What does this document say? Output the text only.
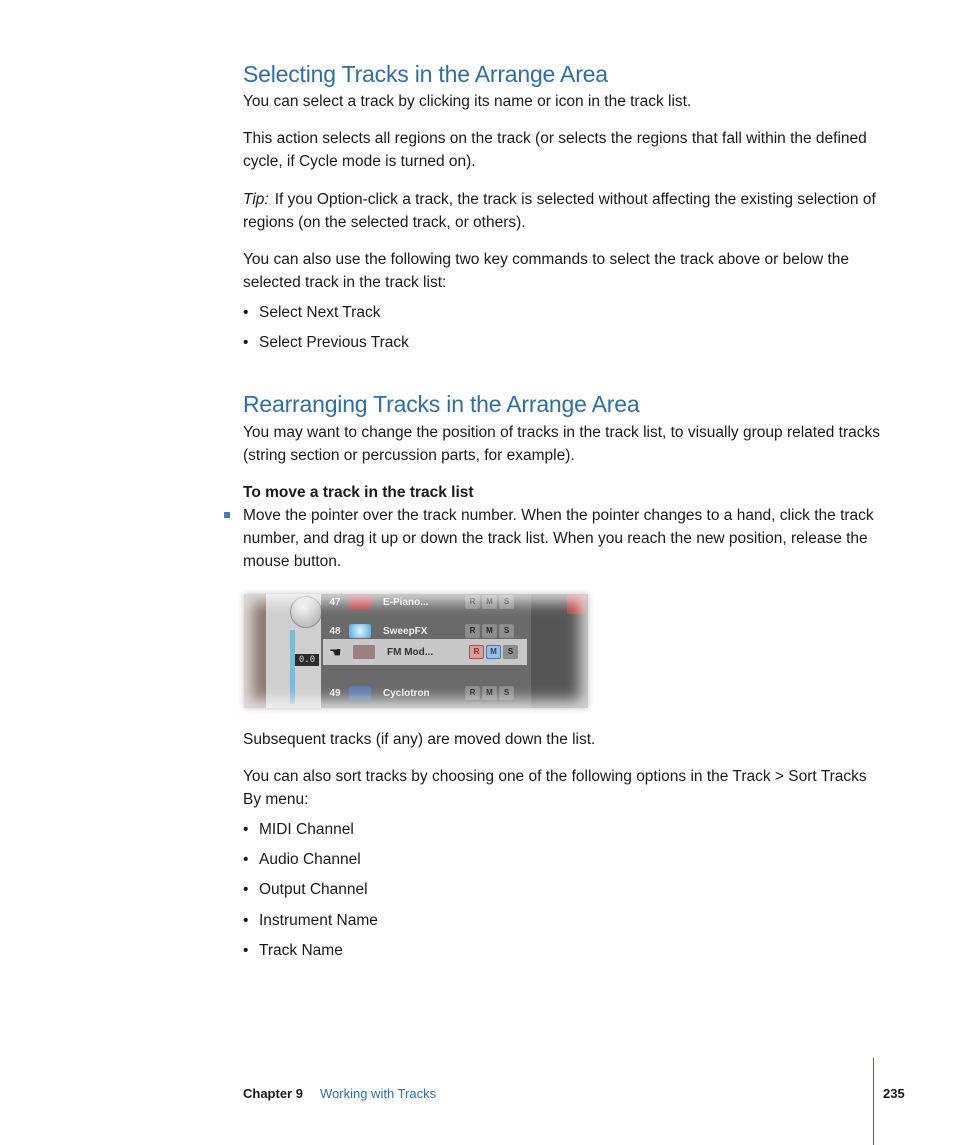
Selecting Tracks in the Arrange Area

You can select a track by clicking its name or icon in the track list.

This action selects all regions on the track (or selects the regions that fall within the defined cycle, if Cycle mode is turned on).

Tip: If you Option-click a track, the track is selected without affecting the existing selection of regions (on the selected track, or others).

You can also use the following two key commands to select the track above or below the selected track in the track list:

• Select Next Track

• Select Previous Track

Rearranging Tracks in the Arrange Area

You may want to change the position of tracks in the track list, to visually group related tracks (string section or percussion parts, for example).

To move a track in the track list

Move the pointer over the track number. When the pointer changes to a hand, click the track number, and drag it up or down the track list. When you reach the new position, release the mouse button.

0.0
47	E-Piano...	R	M	S
48	SweepFX	R	M	S
☚	FM Mod...	R	M	S
49	Cyclotron	R	M	S

Subsequent tracks (if any) are moved down the list.

You can also sort tracks by choosing one of the following options in the Track > Sort Tracks By menu:

• MIDI Channel

• Audio Channel

• Output Channel

• Instrument Name

• Track Name

Chapter 9 Working with Tracks	235
